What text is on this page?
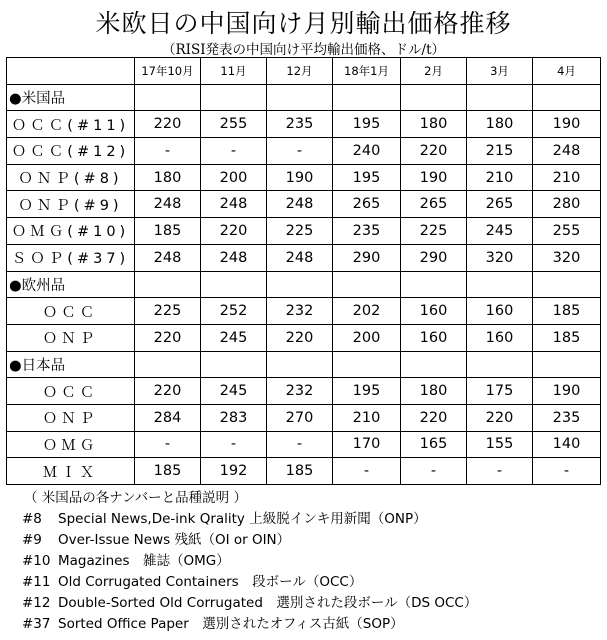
米欧日の中国向け月別輸出価格推移
（RISI発表の中国向け平均輸出価格、ドル/t）
	17年10月	11月	12月	18年1月	2月	3月	4月
●米国品							
ＯＣＣ(#11)	220	255	235	195	180	180	190
ＯＣＣ(#12)	-	-	-	240	220	215	248
ＯＮＰ(#8)	180	200	190	195	190	210	210
ＯＮＰ(#9)	248	248	248	265	265	265	280
ＯＭＧ(#10)	185	220	225	235	225	245	255
ＳＯＰ(#37)	248	248	248	290	290	320	320
●欧州品							
ＯＣＣ	225	252	232	202	160	160	185
ＯＮＰ	220	245	220	200	160	160	185
●日本品							
ＯＣＣ	220	245	232	195	180	175	190
ＯＮＰ	284	283	270	210	220	220	235
ＯＭＧ	-	-	-	170	165	155	140
ＭＩＸ	185	192	185	-	-	-	-
（ 米国品の各ナンバーと品種説明 ）
#8 Special News,De-ink Qrality 上級脱インキ用新聞（ONP）
#9 Over-Issue News 残紙（OI or OIN）
#10 Magazines　雑誌（OMG）
#11 Old Corrugated Containers　段ボール（OCC）
#12 Double-Sorted Old Corrugated　選別された段ボール（DS OCC）
#37 Sorted Office Paper　選別されたオフィス古紙（SOP）
